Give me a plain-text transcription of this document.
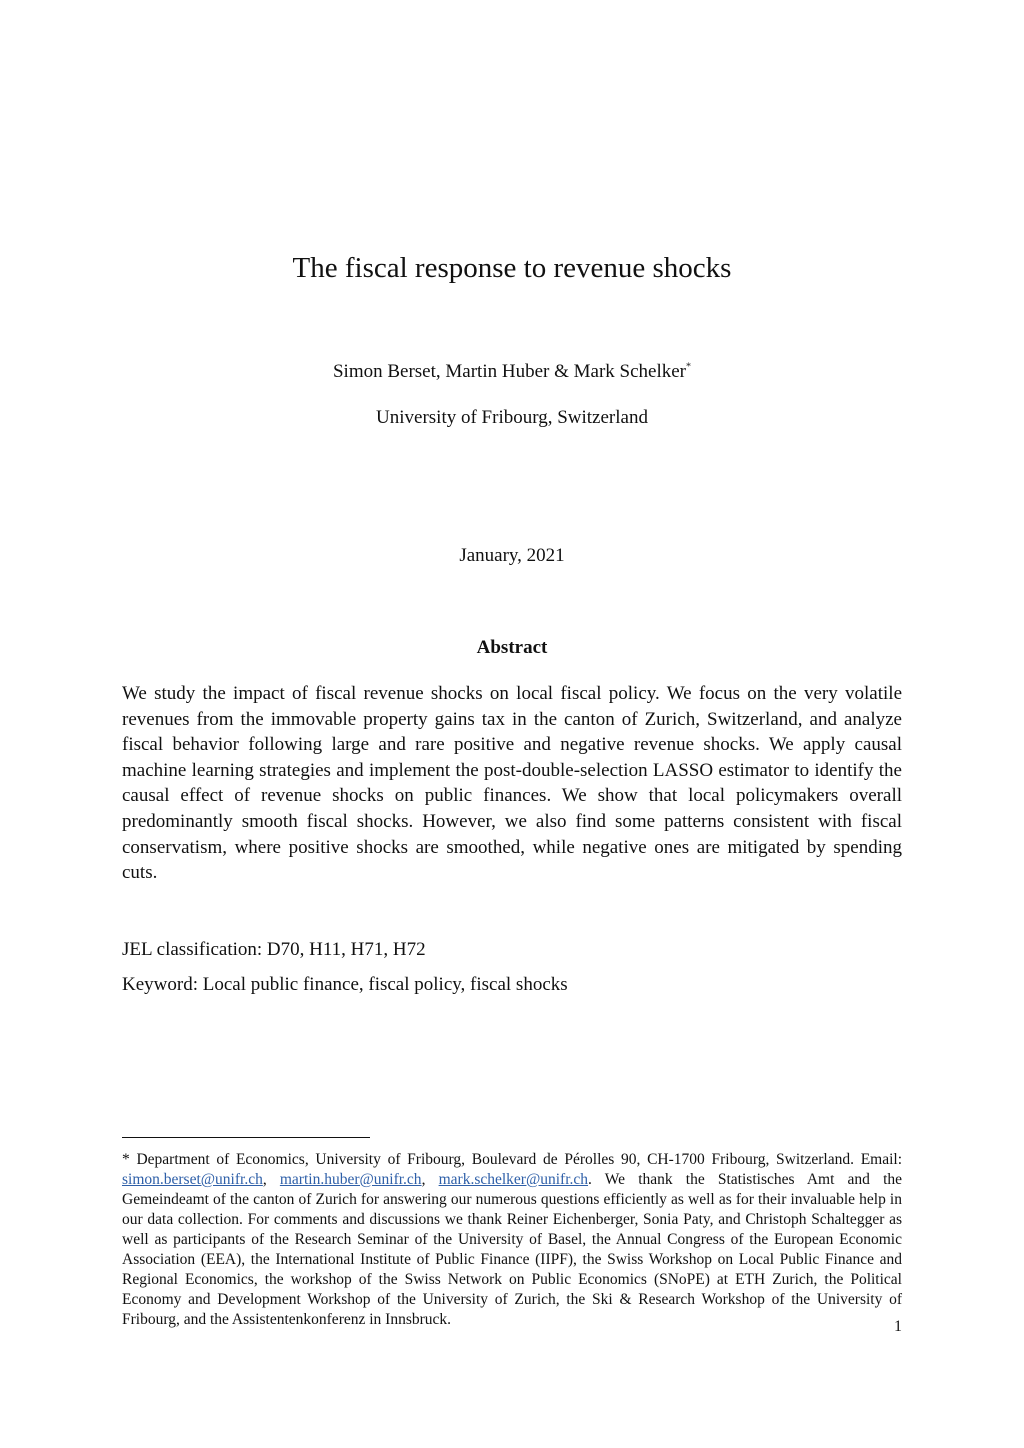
The fiscal response to revenue shocks
Simon Berset, Martin Huber & Mark Schelker*
University of Fribourg, Switzerland
January, 2021
Abstract

We study the impact of fiscal revenue shocks on local fiscal policy. We focus on the very volatile revenues from the immovable property gains tax in the canton of Zurich, Switzerland, and analyze fiscal behavior following large and rare positive and negative revenue shocks. We apply causal machine learning strategies and implement the post-double-selection LASSO estimator to identify the causal effect of revenue shocks on public finances. We show that local policymakers overall predominantly smooth fiscal shocks. However, we also find some patterns consistent with fiscal conservatism, where positive shocks are smoothed, while negative ones are mitigated by spending cuts.

JEL classification: D70, H11, H71, H72
Keyword: Local public finance, fiscal policy, fiscal shocks

* Department of Economics, University of Fribourg, Boulevard de Pérolles 90, CH-1700 Fribourg, Switzerland. Email: simon.berset@unifr.ch, martin.huber@unifr.ch, mark.schelker@unifr.ch. We thank the Statistisches Amt and the Gemeindeamt of the canton of Zurich for answering our numerous questions efficiently as well as for their invaluable help in our data collection. For comments and discussions we thank Reiner Eichenberger, Sonia Paty, and Christoph Schaltegger as well as participants of the Research Seminar of the University of Basel, the Annual Congress of the European Economic Association (EEA), the International Institute of Public Finance (IIPF), the Swiss Workshop on Local Public Finance and Regional Economics, the workshop of the Swiss Network on Public Economics (SNoPE) at ETH Zurich, the Political Economy and Development Workshop of the University of Zurich, the Ski & Research Workshop of the University of Fribourg, and the Assistentenkonferenz in Innsbruck.	1
